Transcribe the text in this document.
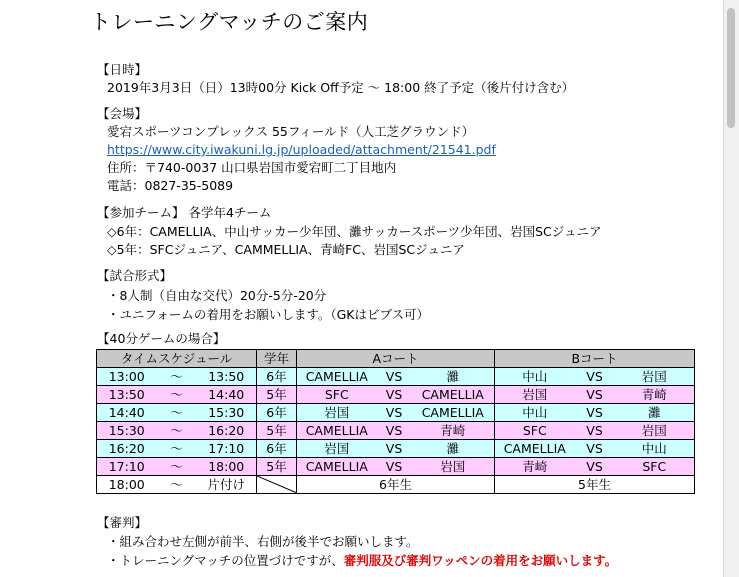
トレーニングマッチのご案内
【日時】
2019年3月3日（日）13時00分 Kick Off予定 〜 18:00 終了予定（後片付け含む）
【会場】
愛宕スポーツコンプレックス 55フィールド（人工芝グラウンド）
https://www.city.iwakuni.lg.jp/uploaded/attachment/21541.pdf
住所：〒740-0037 山口県岩国市愛宕町二丁目地内
電話：0827-35-5089
【参加チーム】 各学年4チーム
◇6年：CAMELLIA、中山サッカー少年団、灘サッカースポーツ少年団、岩国SCジュニア
◇5年：SFCジュニア、CAMMELLIA、青崎FC、岩国SCジュニア
【試合形式】
・8人制（自由な交代）20分-5分-20分
・ユニフォームの着用をお願いします。（GKはビブス可）
【40分ゲームの場合】
タイムスケジュール			学年	Aコート			Bコート		
13:00	〜	13:50	6年	CAMELLIA	VS	灘	中山	VS	岩国
13:50	〜	14:40	5年	SFC	VS	CAMELLIA	岩国	VS	青崎
14:40	〜	15:30	6年	岩国	VS	CAMELLIA	中山	VS	灘
15:30	〜	16:20	5年	CAMELLIA	VS	青崎	SFC	VS	岩国
16:20	〜	17:10	6年	岩国	VS	灘	CAMELLIA	VS	中山
17:10	〜	18:00	5年	CAMELLIA	VS	岩国	青崎	VS	SFC
18:00	〜	片付け		6年生			5年生		
【審判】
・組み合わせ左側が前半、右側が後半でお願いします。
・トレーニングマッチの位置づけですが、審判服及び審判ワッペンの着用をお願いします。
